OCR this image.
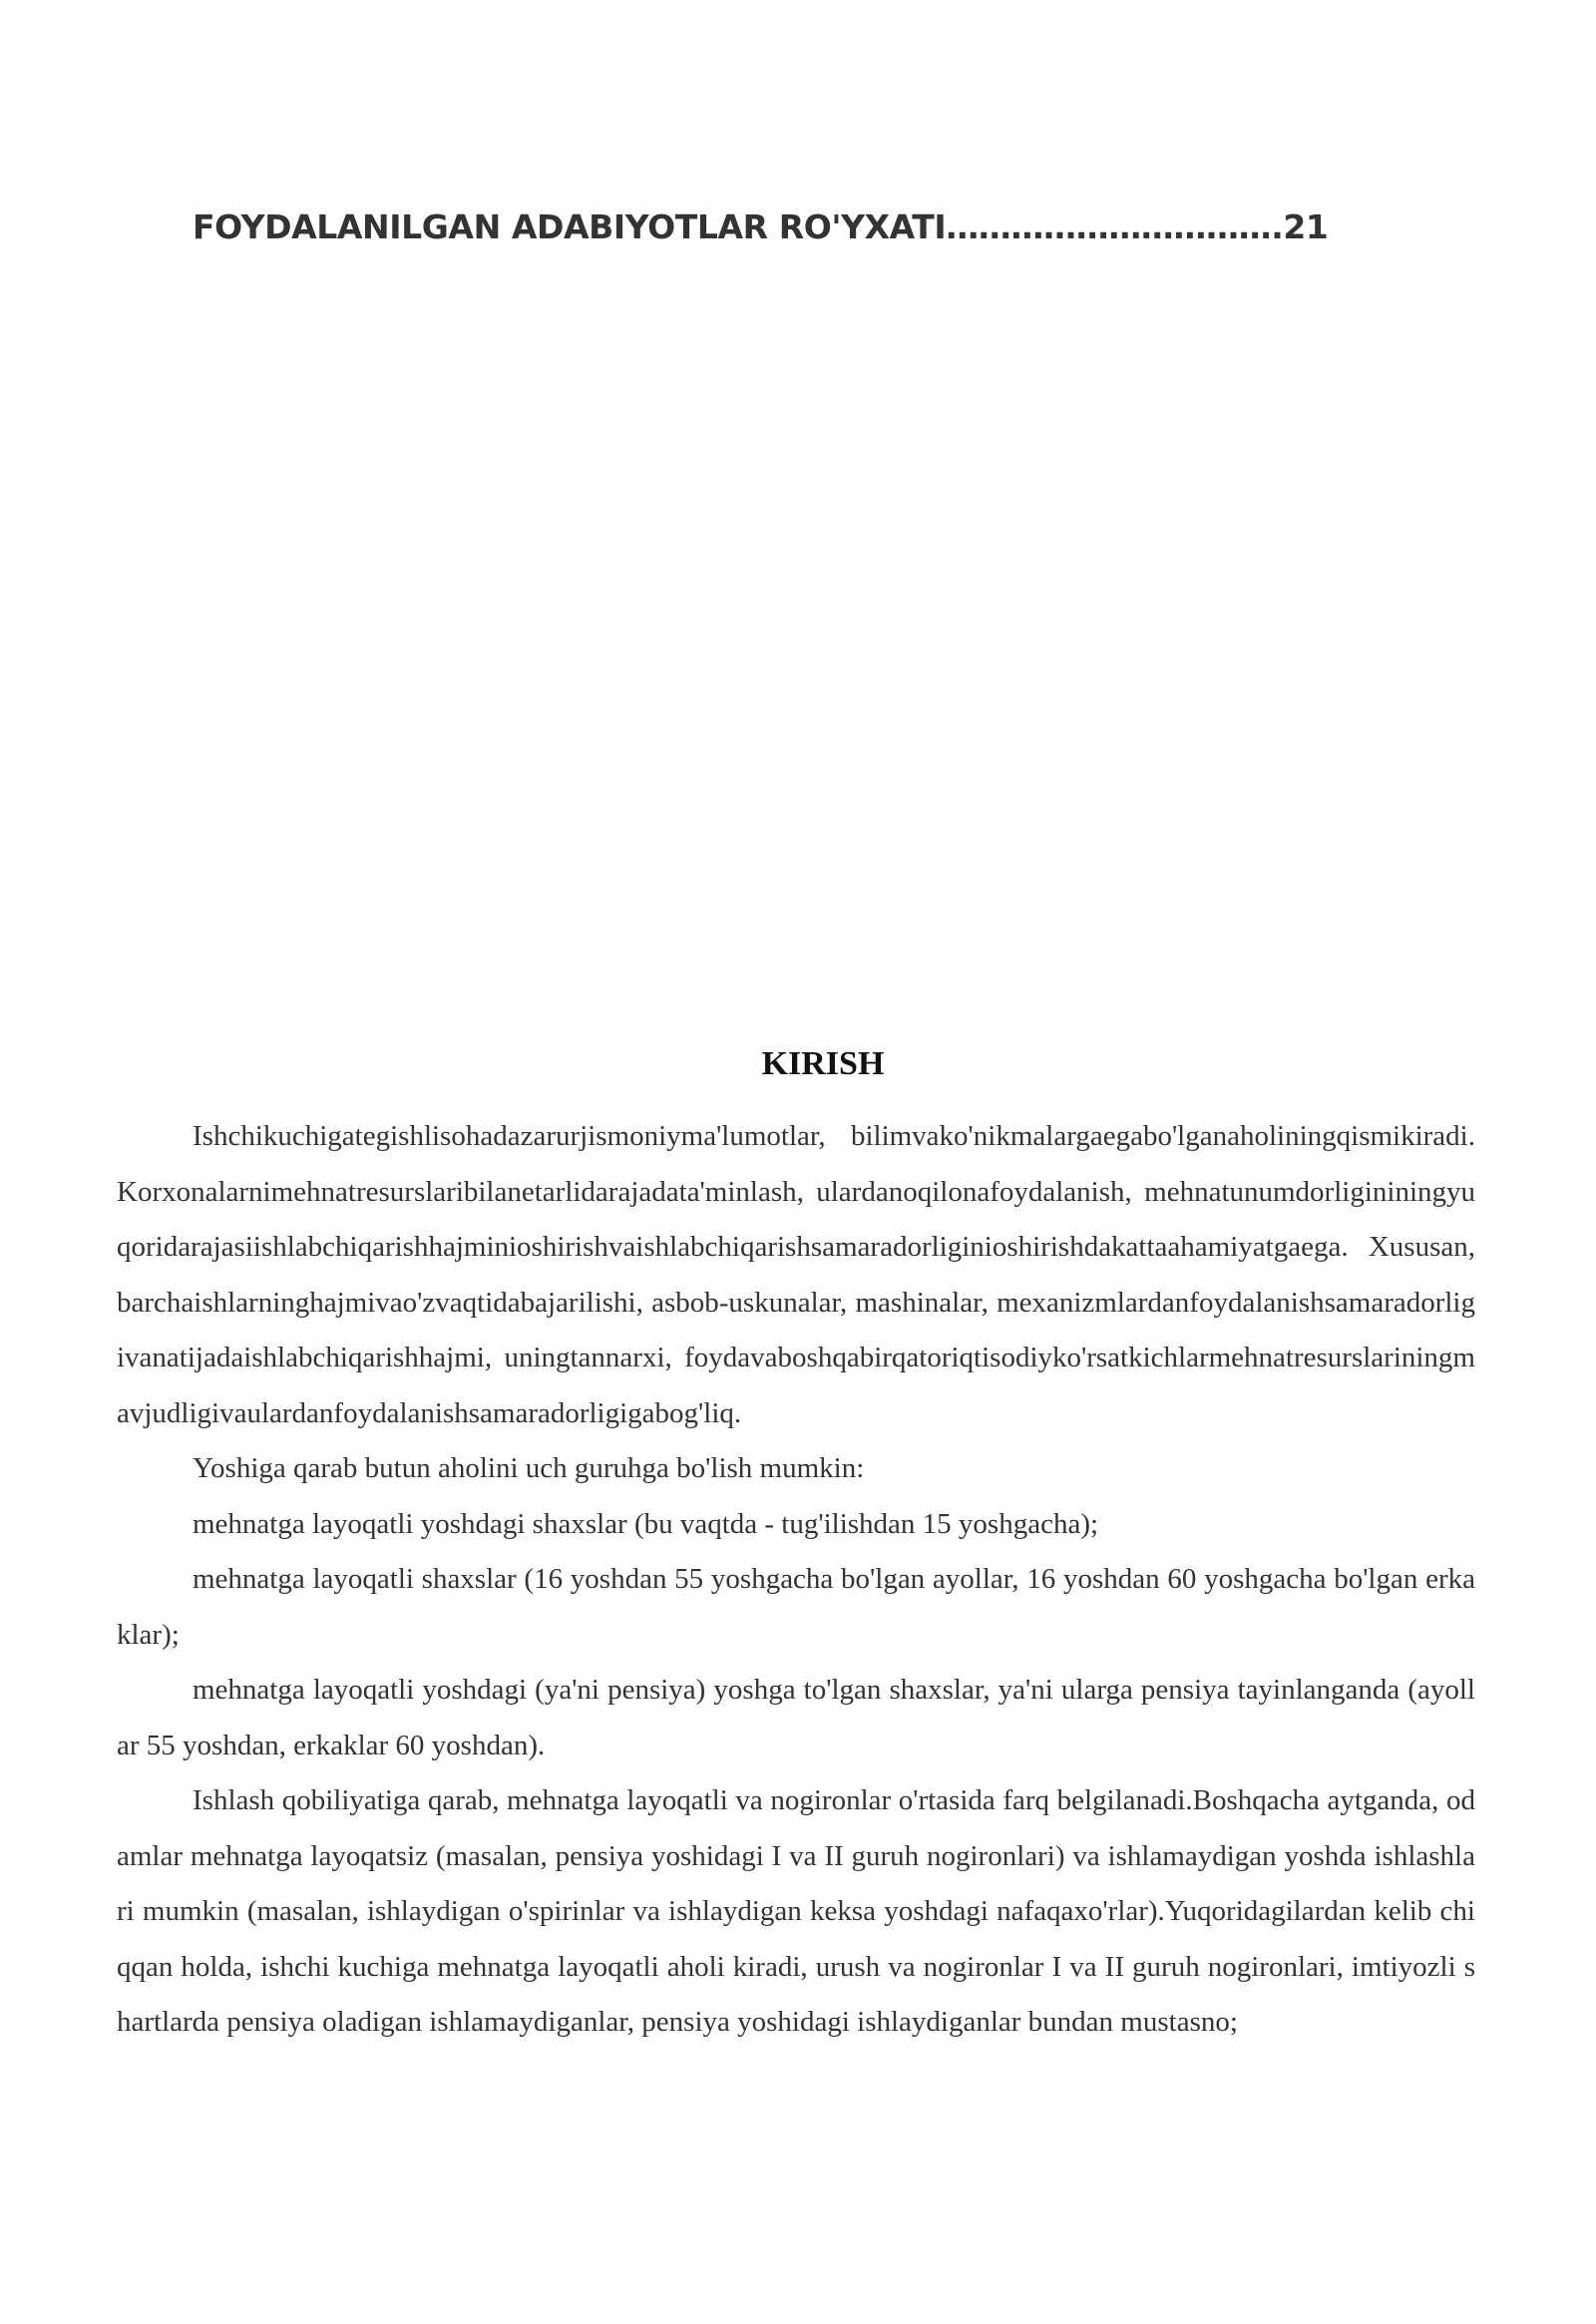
FOYDALANILGAN ADABIYOTLAR RO'YXATI………………………….21
KIRISH

Ishchikuchigategishlisohadazarurjismoniyma'lumotlar, bilimvako'nikmalargaegabo'lganaholiningqismikiradi. Korxonalarnimehnatresurslaribilanetarlidarajadata'minlash, ulardanoqilonafoydalanish, mehnatunumdorligininingyuqoridarajasiishlabchiqarishhajminioshirishvaishlabchiqarishsamaradorliginioshirishdakattaahamiyatgaega. Xususan, barchaishlarninghajmivao'zvaqtidabajarilishi, asbob-uskunalar, mashinalar, mexanizmlardanfoydalanishsamaradorligivanatijadaishlabchiqarishhajmi, uningtannarxi, foydavaboshqabirqatoriqtisodiyko'rsatkichlarmehnatresurslariningmavjudligivaulardanfoydalanishsamaradorligigabog'liq.

Yoshiga qarab butun aholini uch guruhga bo'lish mumkin:

mehnatga layoqatli yoshdagi shaxslar (bu vaqtda - tug'ilishdan 15 yoshgacha);

mehnatga layoqatli shaxslar (16 yoshdan 55 yoshgacha bo'lgan ayollar, 16 yoshdan 60 yoshgacha bo'lgan erkaklar);

mehnatga layoqatli yoshdagi (ya'ni pensiya) yoshga to'lgan shaxslar, ya'ni ularga pensiya tayinlanganda (ayollar 55 yoshdan, erkaklar 60 yoshdan).

Ishlash qobiliyatiga qarab, mehnatga layoqatli va nogironlar o'rtasida farq belgilanadi.Boshqacha aytganda, odamlar mehnatga layoqatsiz (masalan, pensiya yoshidagi I va II guruh nogironlari) va ishlamaydigan yoshda ishlashlari mumkin (masalan, ishlaydigan o'spirinlar va ishlaydigan keksa yoshdagi nafaqaxo'rlar).Yuqoridagilardan kelib chiqqan holda, ishchi kuchiga mehnatga layoqatli aholi kiradi, urush va nogironlar I va II guruh nogironlari, imtiyozli shartlarda pensiya oladigan ishlamaydiganlar, pensiya yoshidagi ishlaydiganlar bundan mustasno;
